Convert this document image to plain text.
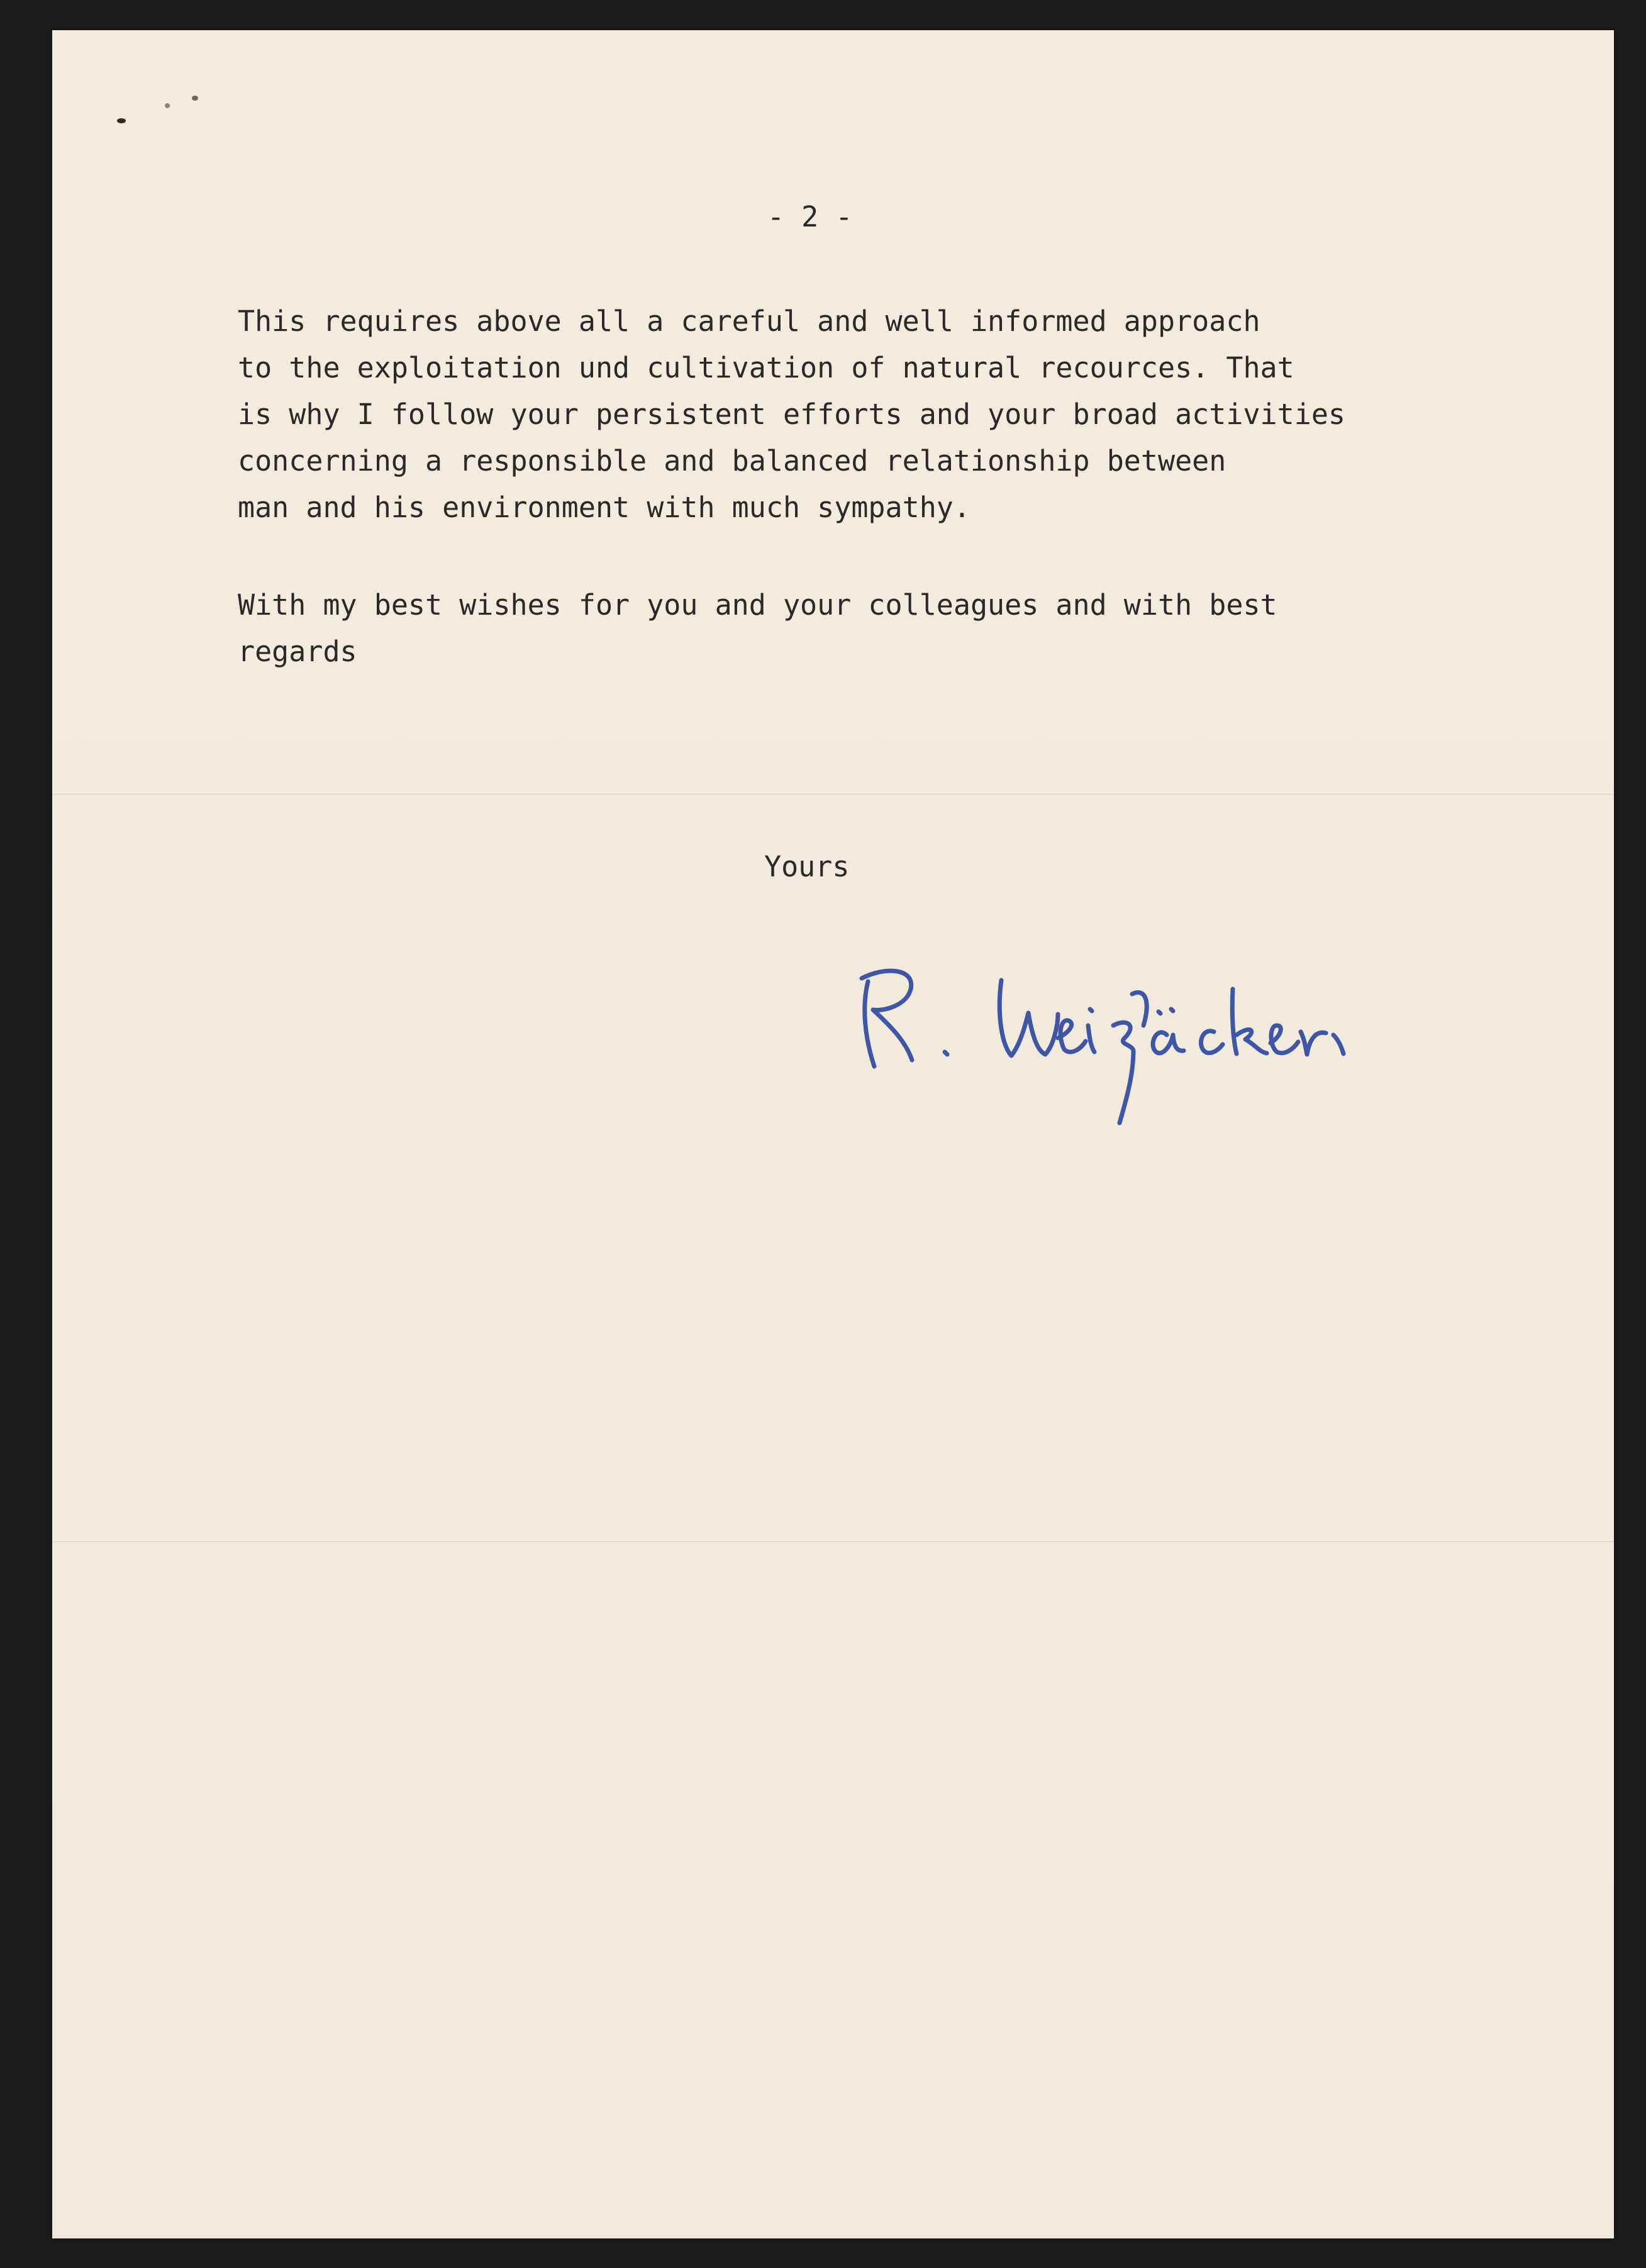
- 2 -

This requires above all a careful and well informed approach
to the exploitation und cultivation of natural recources. That
is why I follow your persistent efforts and your broad activities
concerning a responsible and balanced relationship between
man and his environment with much sympathy.

With my best wishes for you and your colleagues and with best
regards

Yours
